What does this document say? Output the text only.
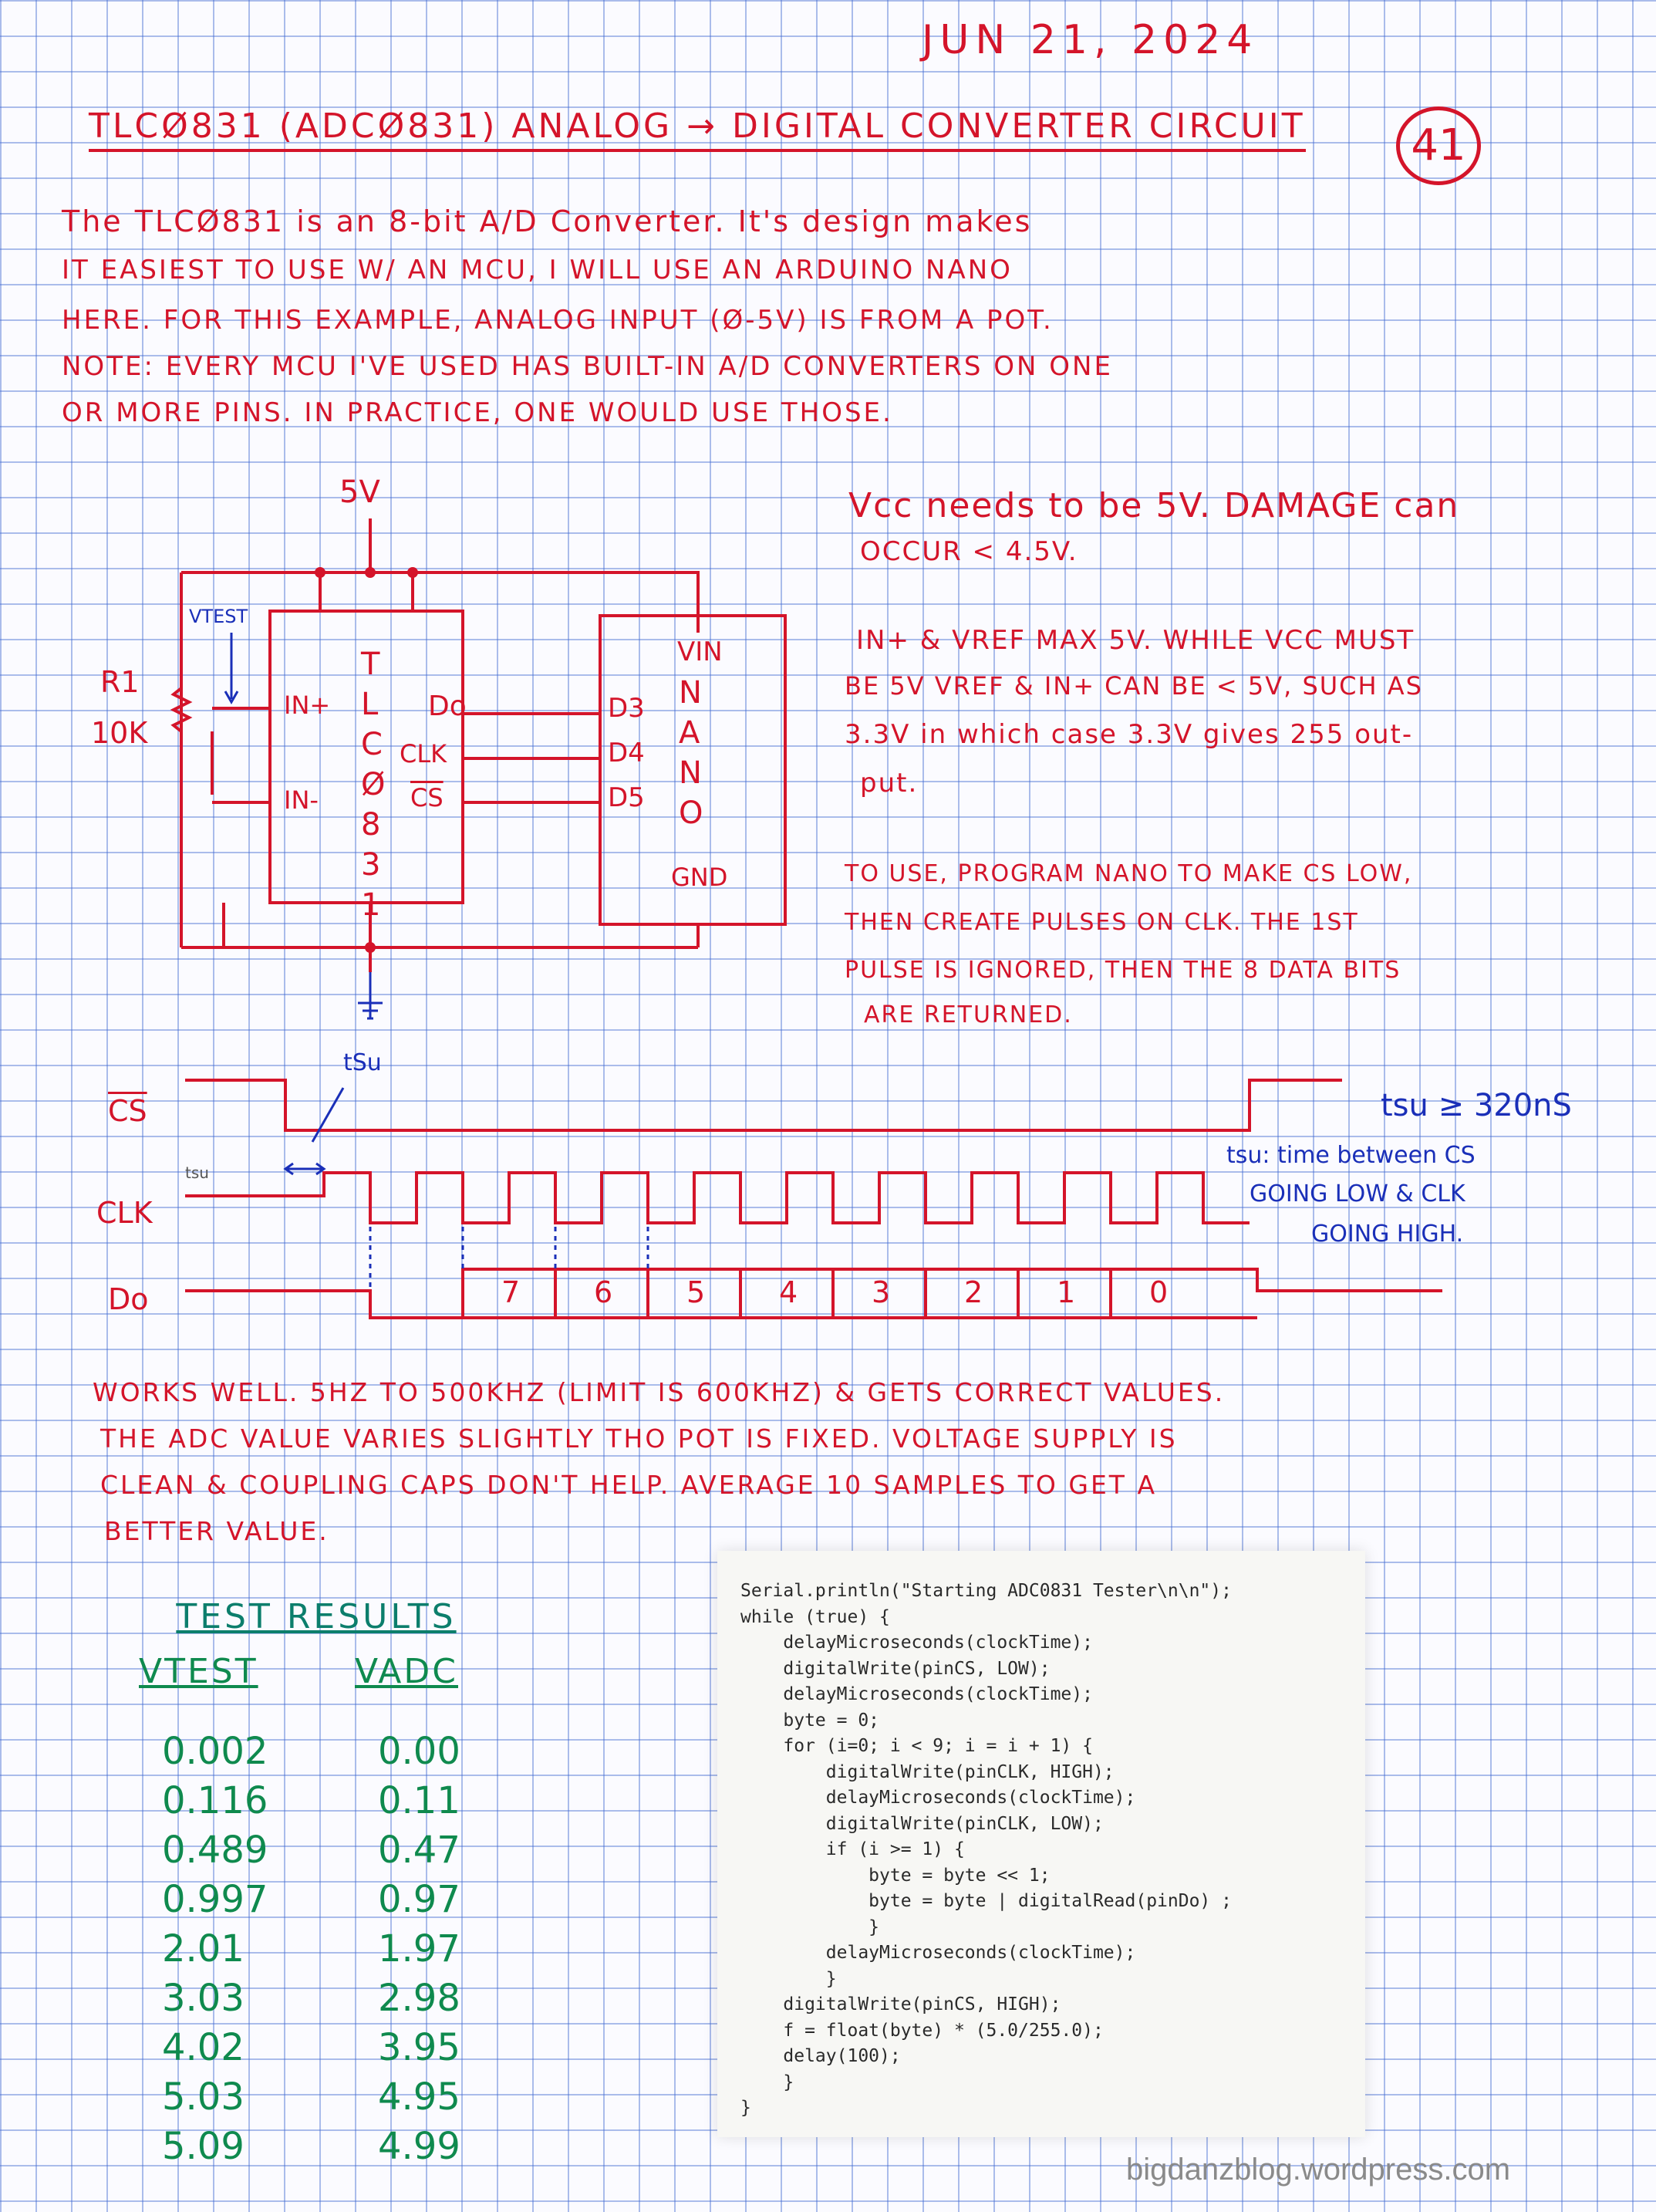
JUN 21, 2024
TLCØ831 (ADCØ831) ANALOG → DIGITAL CONVERTER CIRCUIT	41
The TLCØ831 is an 8-bit A/D Converter. It's design makes
IT EASIEST TO USE W/ AN MCU, I WILL USE AN ARDUINO NANO
HERE. FOR THIS EXAMPLE, ANALOG INPUT (Ø-5V) IS FROM A POT.
NOTE: EVERY MCU I'VE USED HAS BUILT-IN A/D CONVERTERS ON ONE
OR MORE PINS. IN PRACTICE, ONE WOULD USE THOSE.
5V
VTEST
R1
10K
IN+
IN-
T
L
C
Ø
8
3
1
Do
CLK
$\overline{CS}$
VIN
N
A
N
O
D3
D4
D5
GND
Vcc needs to be 5V. DAMAGE can
OCCUR < 4.5V.
IN+ & VREF MAX 5V. WHILE VCC MUST
BE 5V VREF & IN+ CAN BE < 5V, SUCH AS
3.3V in which case 3.3V gives 255 out-
put.
TO USE, PROGRAM NANO TO MAKE CS LOW,
THEN CREATE PULSES ON CLK. THE 1ST
PULSE IS IGNORED, THEN THE 8 DATA BITS
ARE RETURNED.
tSu
tsu
$\overline{CS}$
CLK
Do	7	6	5	4	3	2	1	0
tsu ≥ 320nS
tsu: time between CS
GOING LOW & CLK
GOING HIGH.
WORKS WELL. 5HZ TO 500KHZ (LIMIT IS 600KHZ) & GETS CORRECT VALUES.
THE ADC VALUE VARIES SLIGHTLY THO POT IS FIXED. VOLTAGE SUPPLY IS
CLEAN & COUPLING CAPS DON'T HELP. AVERAGE 10 SAMPLES TO GET A
BETTER VALUE.
TEST RESULTS
VTEST	VADC
0.002	0.00
0.116	0.11
0.489	0.47
0.997	0.97
2.01	1.97
3.03	2.98
4.02	3.95
5.03	4.95
5.09	4.99
Serial.println("Starting ADC0831 Tester\n\n");
while (true) {
delayMicroseconds(clockTime);
digitalWrite(pinCS, LOW);
delayMicroseconds(clockTime);
byte = 0;
for (i=0; i < 9; i = i + 1) {
digitalWrite(pinCLK, HIGH);
delayMicroseconds(clockTime);
digitalWrite(pinCLK, LOW);
if (i >= 1) {
byte = byte << 1;
byte = byte | digitalRead(pinDo) ;
}
delayMicroseconds(clockTime);
}
digitalWrite(pinCS, HIGH);
f = float(byte) * (5.0/255.0);
delay(100);
}
}
bigdanzblog.wordpress.com
